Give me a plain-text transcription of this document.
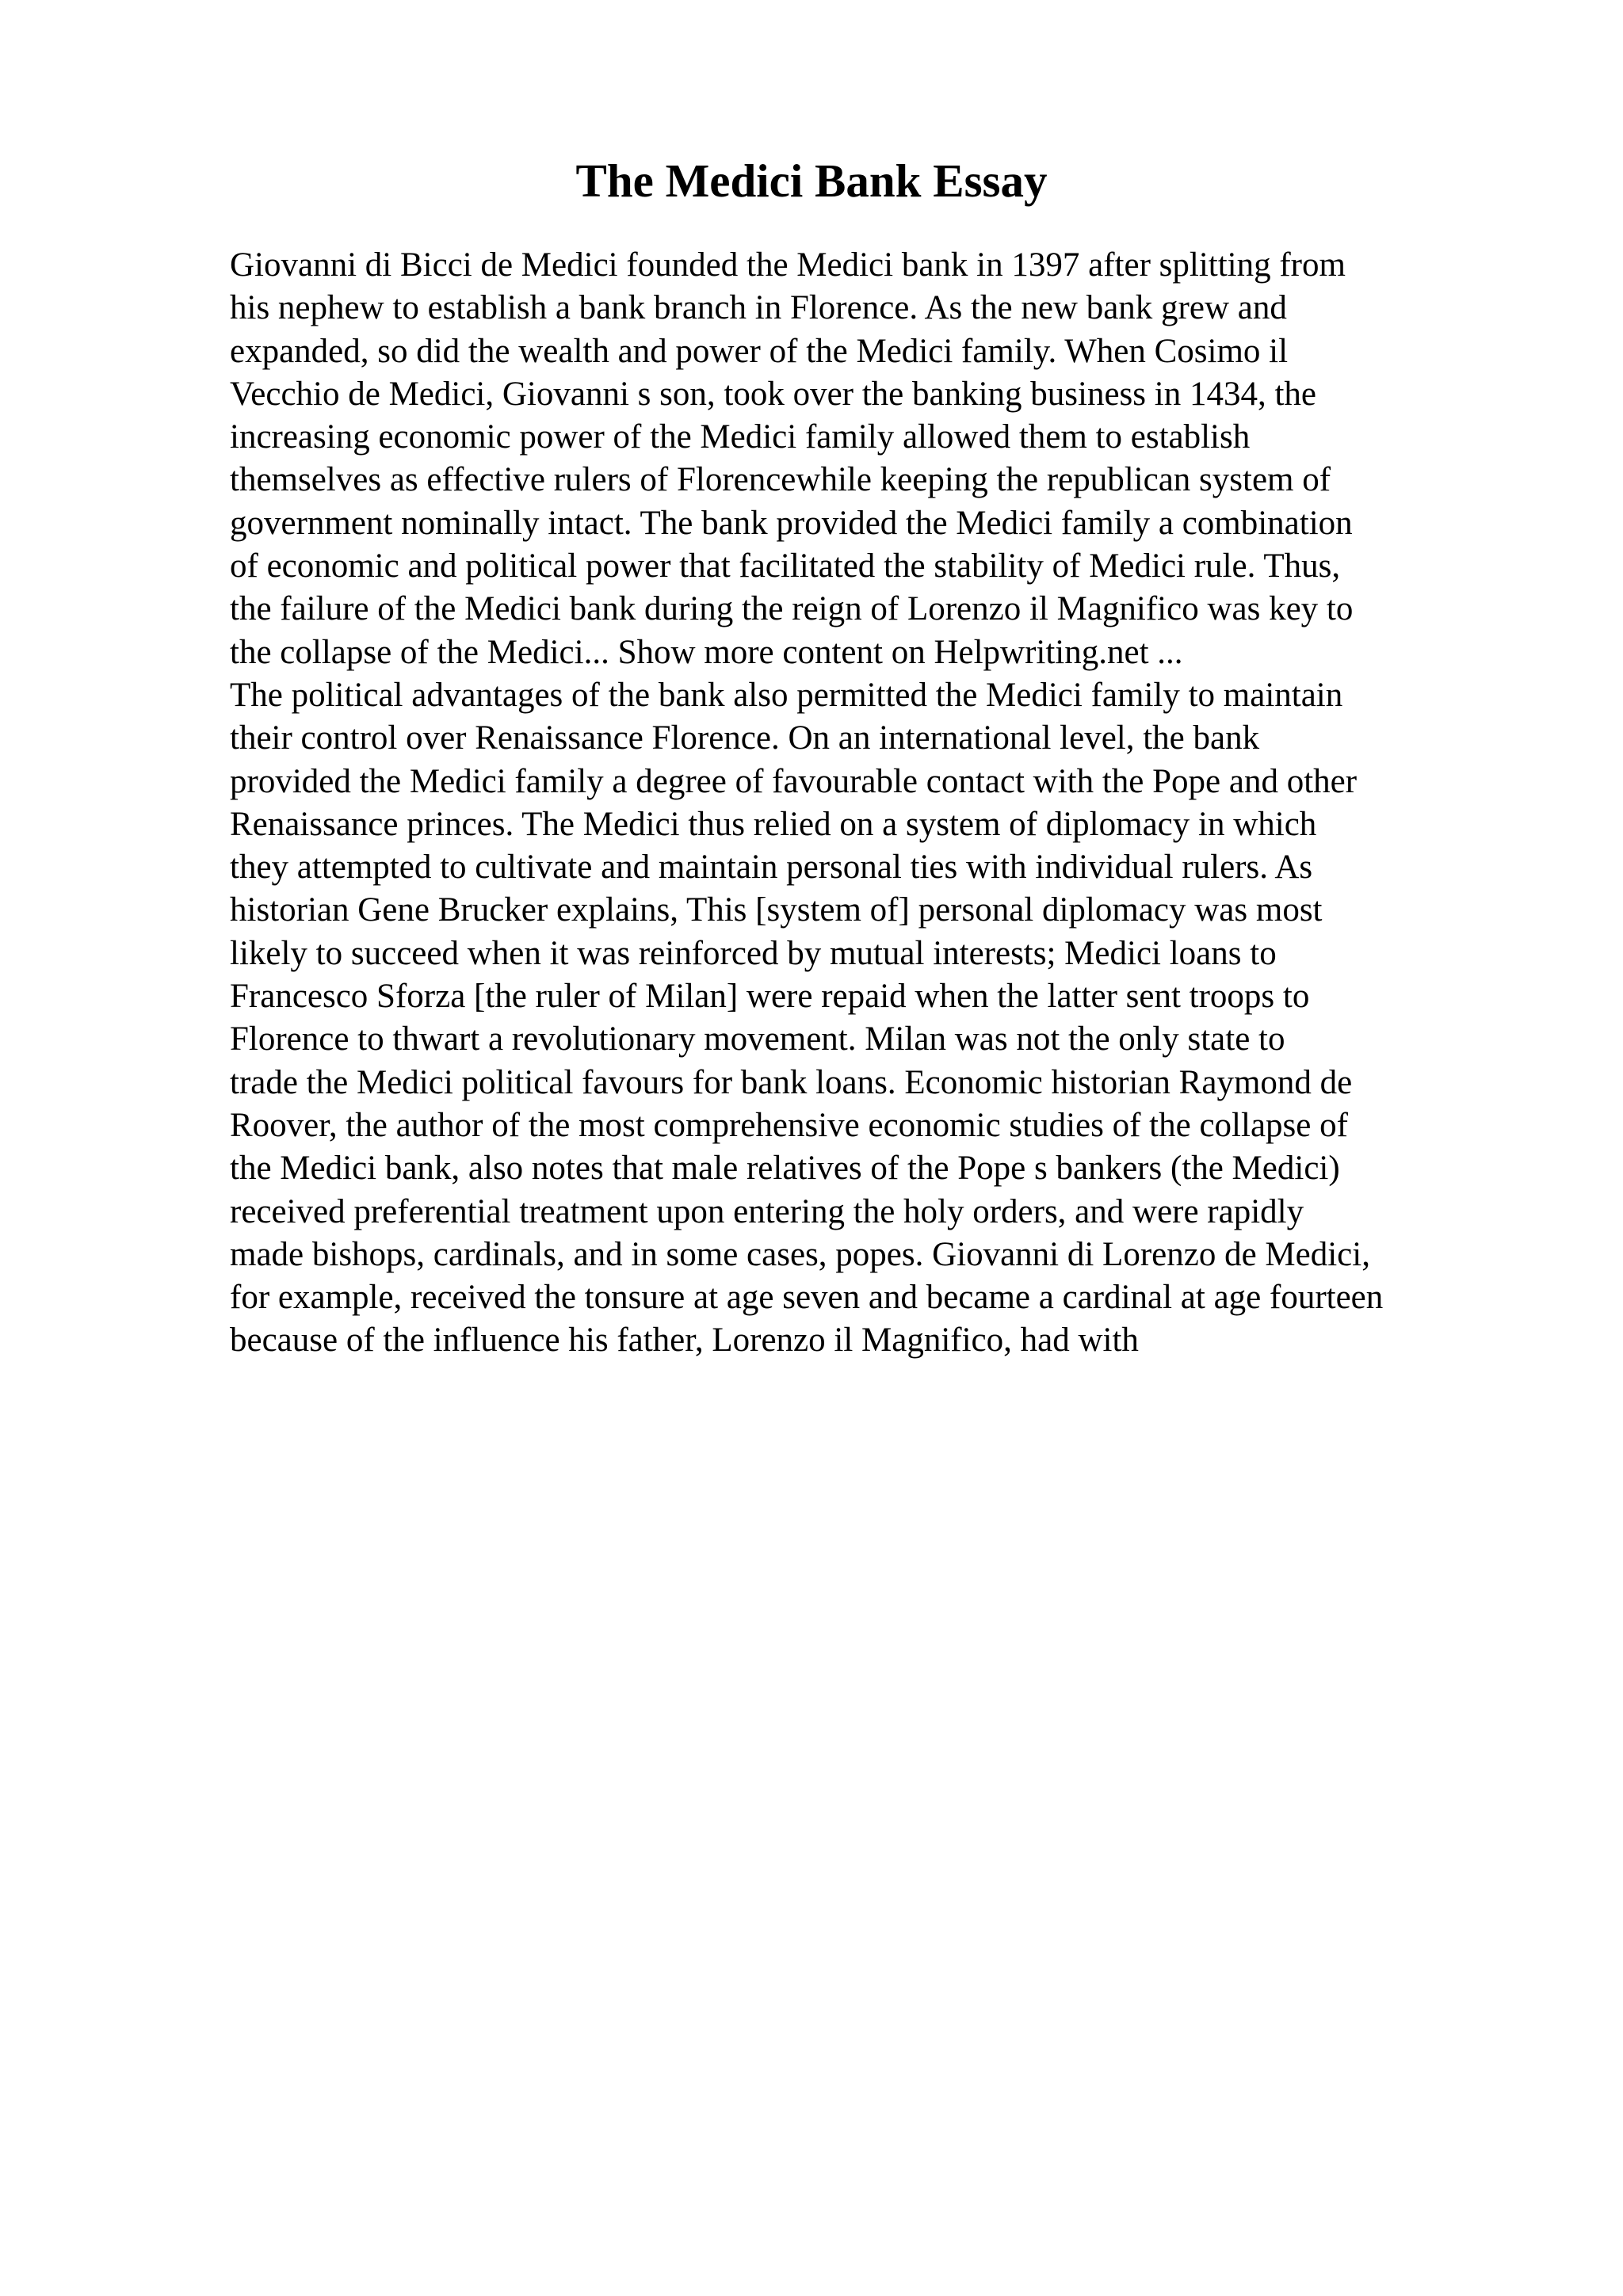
The Medici Bank Essay
Giovanni di Bicci de Medici founded the Medici bank in 1397 after splitting from
his nephew to establish a bank branch in Florence. As the new bank grew and
expanded, so did the wealth and power of the Medici family. When Cosimo il
Vecchio de Medici, Giovanni s son, took over the banking business in 1434, the
increasing economic power of the Medici family allowed them to establish
themselves as effective rulers of Florencewhile keeping the republican system of
government nominally intact. The bank provided the Medici family a combination
of economic and political power that facilitated the stability of Medici rule. Thus,
the failure of the Medici bank during the reign of Lorenzo il Magnifico was key to
the collapse of the Medici... Show more content on Helpwriting.net ...
The political advantages of the bank also permitted the Medici family to maintain
their control over Renaissance Florence. On an international level, the bank
provided the Medici family a degree of favourable contact with the Pope and other
Renaissance princes. The Medici thus relied on a system of diplomacy in which
they attempted to cultivate and maintain personal ties with individual rulers. As
historian Gene Brucker explains, This [system of] personal diplomacy was most
likely to succeed when it was reinforced by mutual interests; Medici loans to
Francesco Sforza [the ruler of Milan] were repaid when the latter sent troops to
Florence to thwart a revolutionary movement. Milan was not the only state to
trade the Medici political favours for bank loans. Economic historian Raymond de
Roover, the author of the most comprehensive economic studies of the collapse of
the Medici bank, also notes that male relatives of the Pope s bankers (the Medici)
received preferential treatment upon entering the holy orders, and were rapidly
made bishops, cardinals, and in some cases, popes. Giovanni di Lorenzo de Medici,
for example, received the tonsure at age seven and became a cardinal at age fourteen
because of the influence his father, Lorenzo il Magnifico, had with
